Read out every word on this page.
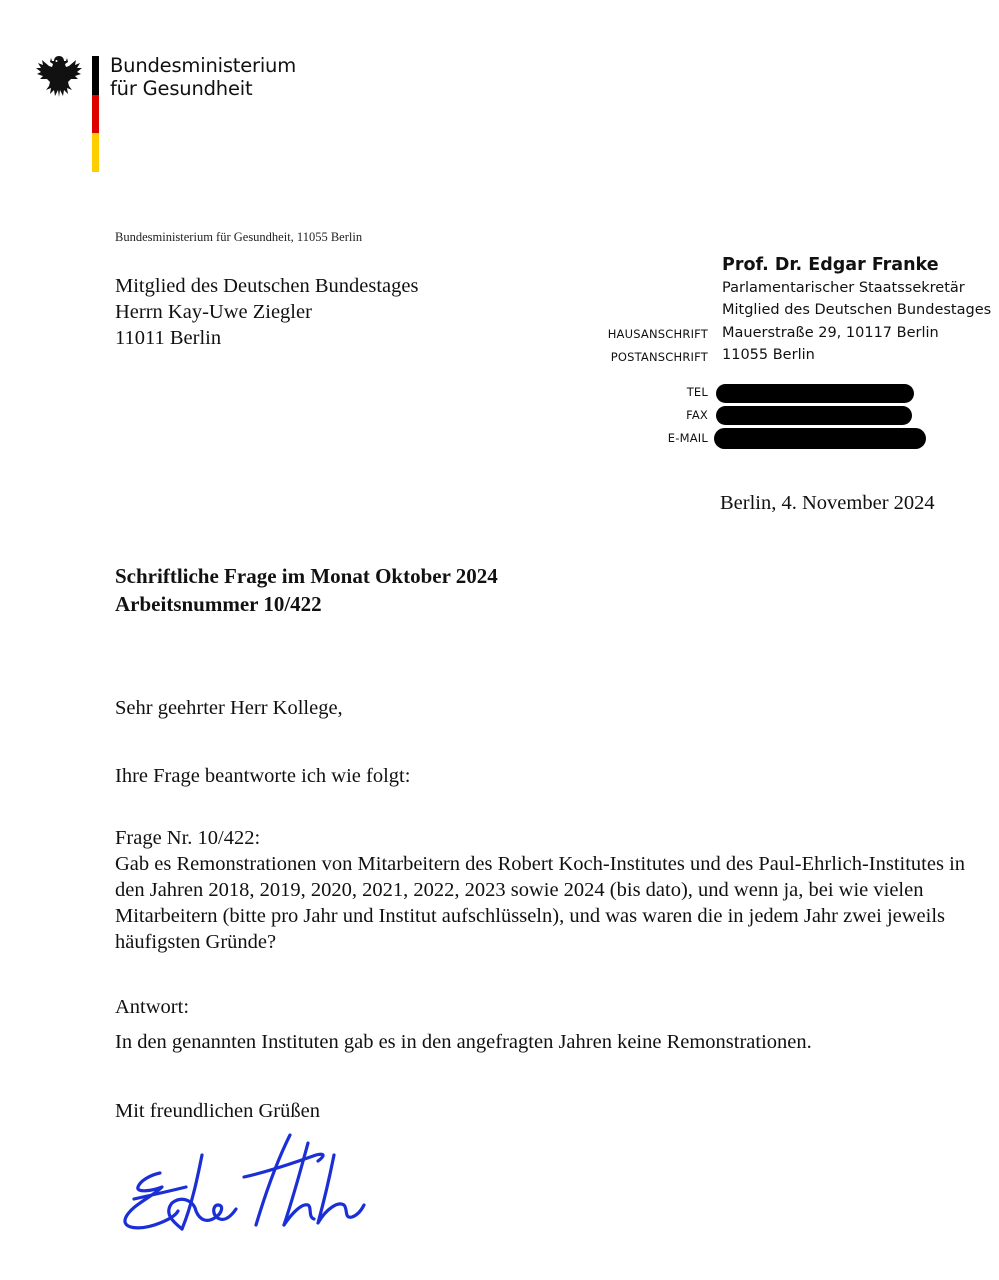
Bundesministerium
für Gesundheit
Bundesministerium für Gesundheit, 11055 Berlin
Mitglied des Deutschen Bundestages
Herrn Kay-Uwe Ziegler
11011 Berlin
Prof. Dr. Edgar Franke
Parlamentarischer Staatssekretär
Mitglied des Deutschen Bundestages
HAUSANSCHRIFT Mauerstraße 29, 10117 Berlin
POSTANSCHRIFT 11055 Berlin
TEL
FAX
E-MAIL
Berlin, 4. November 2024
Schriftliche Frage im Monat Oktober 2024
Arbeitsnummer 10/422
Sehr geehrter Herr Kollege,
Ihre Frage beantworte ich wie folgt:
Frage Nr. 10/422:
Gab es Remonstrationen von Mitarbeitern des Robert Koch-Institutes und des Paul-Ehrlich-Institutes in den Jahren 2018, 2019, 2020, 2021, 2022, 2023 sowie 2024 (bis dato), und wenn ja, bei wie vielen Mitarbeitern (bitte pro Jahr und Institut aufschlüsseln), und was waren die in jedem Jahr zwei jeweils häufigsten Gründe?
Antwort:
In den genannten Instituten gab es in den angefragten Jahren keine Remonstrationen.
Mit freundlichen Grüßen
